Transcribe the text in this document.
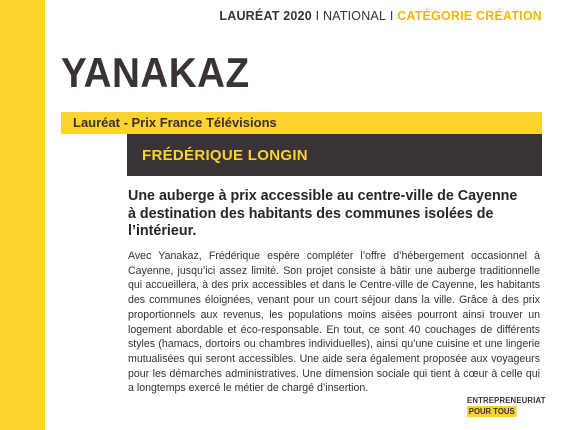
LAURÉAT 2020 I NATIONAL I CATÉGORIE CRÉATION
YANAKAZ
Lauréat - Prix France Télévisions
FRÉDÉRIQUE LONGIN
Une auberge à prix accessible au centre-ville de Cayenne à destination des habitants des communes isolées de l’intérieur.
Avec Yanakaz, Frédérique espère compléter l’offre d’hébergement occasionnel à Cayenne, jusqu’ici assez limité. Son projet consiste à bâtir une auberge traditionnelle qui accueillera, à des prix accessibles et dans le Centre-ville de Cayenne, les habitants des communes éloignées, venant pour un court séjour dans la ville. Grâce à des prix proportionnels aux revenus, les populations moins aisées pourront ainsi trouver un logement abordable et éco-responsable. En tout, ce sont 40 couchages de différents styles (hamacs, dortoirs ou chambres individuelles), ainsi qu’une cuisine et une lingerie mutualisées qui seront accessibles. Une aide sera également proposée aux voyageurs pour les démarches administratives. Une dimension sociale qui tient à cœur à celle qui a longtemps exercé le métier de chargé d’insertion.
ENTREPRENEURIAT
POUR TOUS
